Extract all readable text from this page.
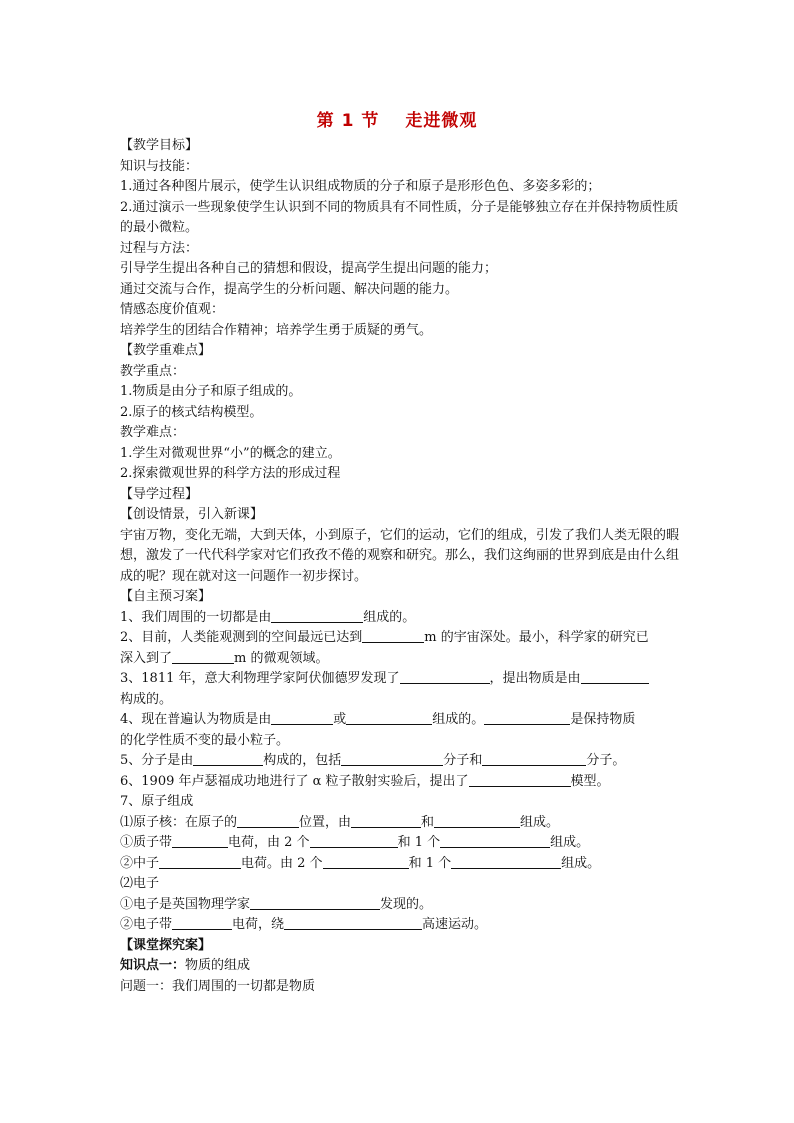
第 1 节 走进微观
【教学目标】
知识与技能：
1.通过各种图片展示，使学生认识组成物质的分子和原子是形形色色、多姿多彩的；
2.通过演示一些现象使学生认识到不同的物质具有不同性质，分子是能够独立存在并保持物质性质的最小微粒。
过程与方法：
引导学生提出各种自己的猜想和假设，提高学生提出问题的能力；
通过交流与合作，提高学生的分析问题、解决问题的能力。
情感态度价值观：
培养学生的团结合作精神；培养学生勇于质疑的勇气。
【教学重难点】
教学重点：
1.物质是由分子和原子组成的。
2.原子的核式结构模型。
教学难点：
1.学生对微观世界“小”的概念的建立。
2.探索微观世界的科学方法的形成过程
【导学过程】
【创设情景，引入新课】
宇宙万物，变化无端，大到天体，小到原子，它们的运动，它们的组成，引发了我们人类无限的暇想，激发了一代代科学家对它们孜孜不倦的观察和研究。那么，我们这绚丽的世界到底是由什么组成的呢？现在就对这一问题作一初步探讨。
【自主预习案】
1、我们周围的一切都是由	组成的。
2、目前，人类能观测到的空间最远已达到	m 的宇宙深处。最小，科学家的研究已
深入到了	m 的微观领域。
3、1811 年，意大利物理学家阿伏伽德罗发现了	，提出物质是由
构成的。
4、现在普遍认为物质是由	或	组成的。	是保持物质
的化学性质不变的最小粒子。
5、分子是由	构成的，包括	分子和	分子。
6、1909 年卢瑟福成功地进行了 α 粒子散射实验后，提出了	模型。
7、原子组成
⑴原子核：在原子的	位置，由	和	组成。
①质子带	电荷，由 2 个	和 1 个	组成。
②中子	电荷。由 2 个	和 1 个	组成。
⑵电子
①电子是英国物理学家	发现的。
②电子带	电荷，绕	高速运动。
【课堂探究案】
知识点一：物质的组成
问题一：我们周围的一切都是物质
